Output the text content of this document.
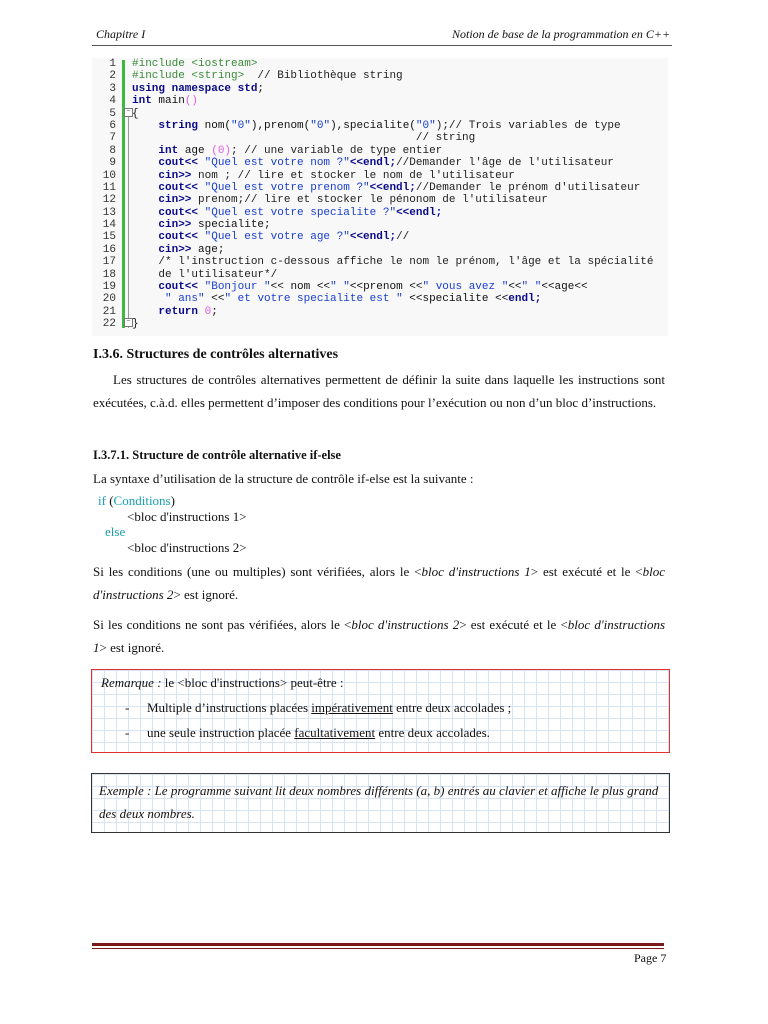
Chapitre I	Notion de base de la programmation en C++
1
2
3
4
5
6
7
8
9
10
11
12
13
14
15
16
17
18
19
20
21
22
−
−
#include <iostream>
#include <string>  // Bibliothèque string
using namespace std;
int main()
{
string nom("0"),prenom("0"),specialite("0");// Trois variables de type
// string
int age (0); // une variable de type entier
cout<< "Quel est votre nom ?"<<endl;//Demander l'âge de l'utilisateur
cin>> nom ; // lire et stocker le nom de l'utilisateur
cout<< "Quel est votre prenom ?"<<endl;//Demander le prénom d'utilisateur
cin>> prenom;// lire et stocker le pénonom de l'utilisateur
cout<< "Quel est votre specialite ?"<<endl;
cin>> specialite;
cout<< "Quel est votre age ?"<<endl;//
cin>> age;
/* l'instruction c-dessous affiche le nom le prénom, l'âge et la spécialité
de l'utilisateur*/
cout<< "Bonjour "<< nom <<" "<<prenom <<" vous avez "<<" "<<age<<
" ans" <<" et votre specialite est " <<specialite <<endl;
return 0;
}
I.3.6. Structures de contrôles alternatives
Les structures de contrôles alternatives permettent de définir la suite dans laquelle les instructions sont exécutées, c.à.d. elles permettent d’imposer des conditions pour l’exécution ou non d’un bloc d’instructions.
I.3.7.1. Structure de contrôle alternative if-else
La syntaxe d’utilisation de la structure de contrôle if-else est la suivante :
if (Conditions)
<bloc d'instructions 1>
else
<bloc d'instructions 2>
Si les conditions (une ou multiples) sont vérifiées, alors le <bloc d'instructions 1> est exécuté et le <bloc d'instructions 2> est ignoré.
Si les conditions ne sont pas vérifiées, alors le <bloc d'instructions 2> est exécuté et le <bloc d'instructions 1> est ignoré.
Remarque : le <bloc d'instructions> peut-être :
- Multiple d’instructions placées impérativement entre deux accolades ;
- une seule instruction placée facultativement entre deux accolades.
Exemple : Le programme suivant lit deux nombres différents (a, b) entrés au clavier et affiche le plus grand des deux nombres.
Page 7
